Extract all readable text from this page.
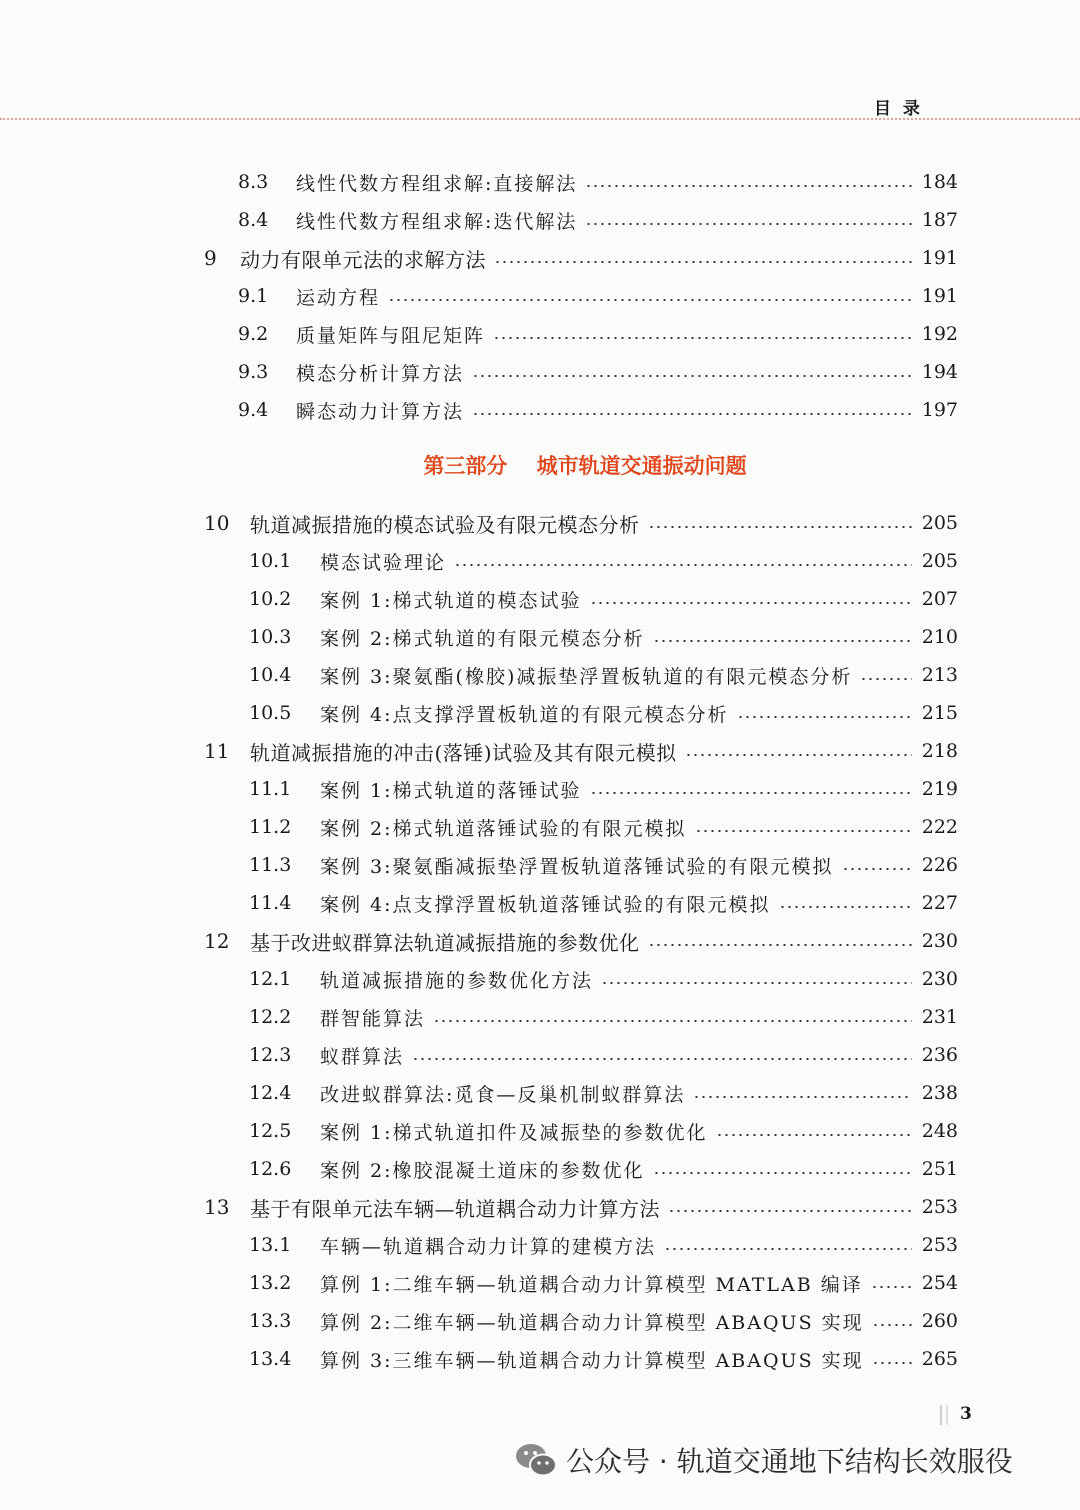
目  录
8.3 线性代数方程组求解:直接解法	184
8.4 线性代数方程组求解:迭代解法	187
9 动力有限单元法的求解方法	191
9.1 运动方程	191
9.2 质量矩阵与阻尼矩阵	192
9.3 模态分析计算方法	194
9.4 瞬态动力计算方法	197
10 轨道减振措施的模态试验及有限元模态分析	205
10.1 模态试验理论	205
10.2 案例 1:梯式轨道的模态试验	207
10.3 案例 2:梯式轨道的有限元模态分析	210
10.4 案例 3:聚氨酯(橡胶)减振垫浮置板轨道的有限元模态分析	213
10.5 案例 4:点支撑浮置板轨道的有限元模态分析	215
11 轨道减振措施的冲击(落锤)试验及其有限元模拟	218
11.1 案例 1:梯式轨道的落锤试验	219
11.2 案例 2:梯式轨道落锤试验的有限元模拟	222
11.3 案例 3:聚氨酯减振垫浮置板轨道落锤试验的有限元模拟	226
11.4 案例 4:点支撑浮置板轨道落锤试验的有限元模拟	227
12 基于改进蚁群算法轨道减振措施的参数优化	230
12.1 轨道减振措施的参数优化方法	230
12.2 群智能算法	231
12.3 蚁群算法	236
12.4 改进蚁群算法:觅食—反巢机制蚁群算法	238
12.5 案例 1:梯式轨道扣件及减振垫的参数优化	248
12.6 案例 2:橡胶混凝土道床的参数优化	251
13 基于有限单元法车辆—轨道耦合动力计算方法	253
13.1 车辆—轨道耦合动力计算的建模方法	253
13.2 算例 1:二维车辆—轨道耦合动力计算模型 MATLAB 编译	254
13.3 算例 2:二维车辆—轨道耦合动力计算模型 ABAQUS 实现	260
13.4 算例 3:三维车辆—轨道耦合动力计算模型 ABAQUS 实现	265
第三部分    城市轨道交通振动问题
3
公众号 · 轨道交通地下结构长效服役
